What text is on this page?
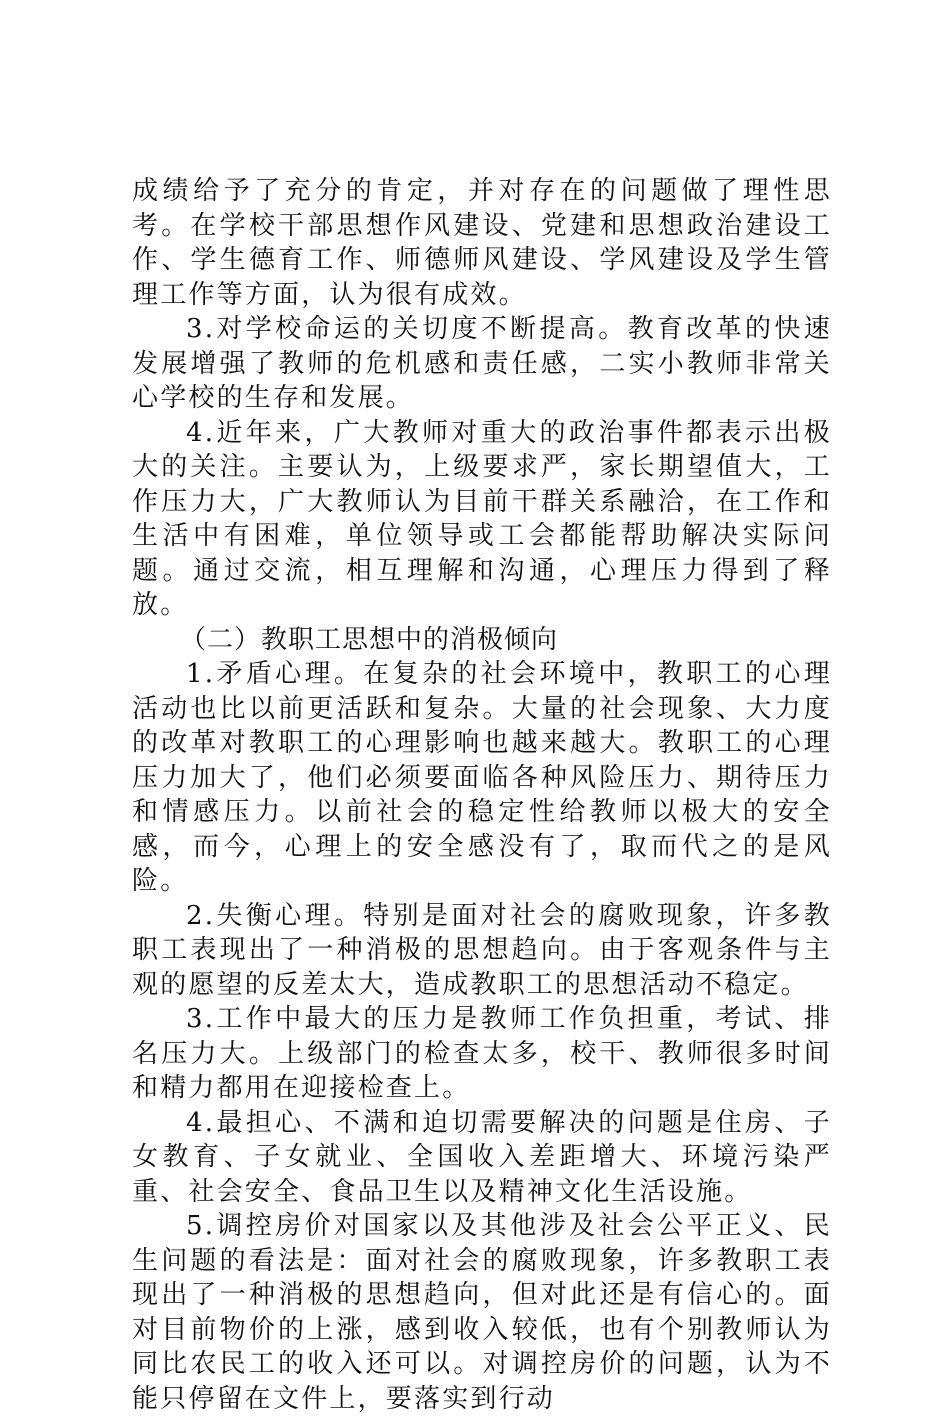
成绩给予了充分的肯定，并对存在的问题做了理性思考。在学校干部思想作风建设、党建和思想政治建设工作、学生德育工作、师德师风建设、学风建设及学生管理工作等方面，认为很有成效。

3.对学校命运的关切度不断提高。教育改革的快速发展增强了教师的危机感和责任感，二实小教师非常关心学校的生存和发展。

4.近年来，广大教师对重大的政治事件都表示出极大的关注。主要认为，上级要求严，家长期望值大，工作压力大，广大教师认为目前干群关系融洽，在工作和生活中有困难，单位领导或工会都能帮助解决实际问题。通过交流，相互理解和沟通，心理压力得到了释放。

（二）教职工思想中的消极倾向

1.矛盾心理。在复杂的社会环境中，教职工的心理活动也比以前更活跃和复杂。大量的社会现象、大力度的改革对教职工的心理影响也越来越大。教职工的心理压力加大了，他们必须要面临各种风险压力、期待压力和情感压力。以前社会的稳定性给教师以极大的安全感，而今，心理上的安全感没有了，取而代之的是风险。

2.失衡心理。特别是面对社会的腐败现象，许多教职工表现出了一种消极的思想趋向。由于客观条件与主观的愿望的反差太大，造成教职工的思想活动不稳定。

3.工作中最大的压力是教师工作负担重，考试、排名压力大。上级部门的检查太多，校干、教师很多时间和精力都用在迎接检查上。

4.最担心、不满和迫切需要解决的问题是住房、子女教育、子女就业、全国收入差距增大、环境污染严重、社会安全、食品卫生以及精神文化生活设施。

5.调控房价对国家以及其他涉及社会公平正义、民生问题的看法是：面对社会的腐败现象，许多教职工表现出了一种消极的思想趋向，但对此还是有信心的。面对目前物价的上涨，感到收入较低，也有个别教师认为同比农民工的收入还可以。对调控房价的问题，认为不能只停留在文件上，要落实到行动
